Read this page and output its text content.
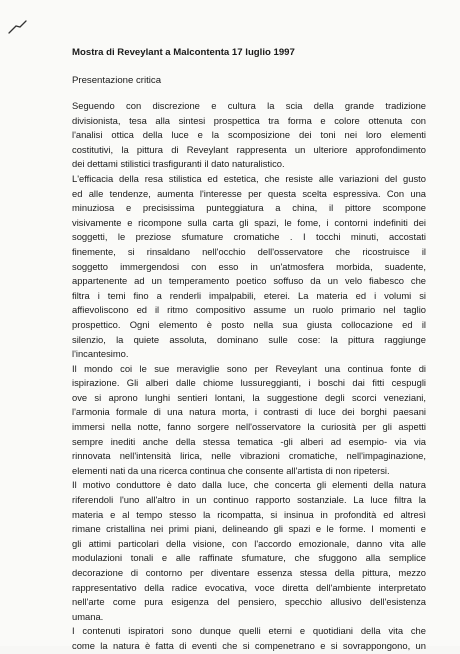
Mostra di Reveylant a Malcontenta 17 luglio 1997
Presentazione critica
Seguendo con discrezione e cultura la scia della grande tradizione
divisionista, tesa alla sintesi prospettica tra forma e colore ottenuta con
l'analisi ottica della luce e la scomposizione dei toni nei loro elementi
costitutivi, la pittura di Reveylant rappresenta un ulteriore approfondimento
dei dettami stilistici trasfiguranti il dato naturalistico.
L'efficacia della resa stilistica ed estetica, che resiste alle variazioni del gusto
ed alle tendenze, aumenta l'interesse per questa scelta espressiva. Con una
minuziosa e precisissima punteggiatura a china, il pittore scompone
visivamente e ricompone sulla carta gli spazi, le fome, i contorni indefiniti dei
soggetti, le preziose sfumature cromatiche . I tocchi minuti, accostati
finemente, si rinsaldano nell'occhio dell'osservatore che ricostruisce il
soggetto immergendosi con esso in un'atmosfera morbida, suadente,
appartenente ad un temperamento poetico soffuso da un velo fiabesco che
filtra i temi fino a renderli impalpabili, eterei. La materia ed i volumi si
affievoliscono ed il ritmo compositivo assume un ruolo primario nel taglio
prospettico. Ogni elemento è posto nella sua giusta collocazione ed il
silenzio, la quiete assoluta, dominano sulle cose: la pittura raggiunge
l'incantesimo.
Il mondo coi le sue meraviglie sono per Reveylant una continua fonte di
ispirazione. Gli alberi dalle chiome lussureggianti, i boschi dai fitti cespugli
ove si aprono lunghi sentieri lontani, la suggestione degli scorci veneziani,
l'armonia formale di una natura morta, i contrasti di luce dei borghi paesani
immersi nella notte, fanno sorgere nell'osservatore la curiosità per gli aspetti
sempre inediti anche della stessa tematica -gli alberi ad esempio- via via
rinnovata nell'intensità lirica, nelle vibrazioni cromatiche, nell'impaginazione,
elementi nati da una ricerca continua che consente all'artista di non ripetersi.
Il motivo conduttore è dato dalla luce, che concerta gli elementi della natura
riferendoli l'uno all'altro in un continuo rapporto sostanziale. La luce filtra la
materia e al tempo stesso la ricompatta, si insinua in profondità ed altresì
rimane cristallina nei primi piani, delineando gli spazi e le forme. I momenti e
gli attimi particolari della visione, con l'accordo emozionale, danno vita alle
modulazioni tonali e alle raffinate sfumature, che sfuggono alla semplice
decorazione di contorno per diventare essenza stessa della pittura, mezzo
rappresentativo della radice evocativa, voce diretta dell'ambiente interpretato
nell'arte come pura esigenza del pensiero, specchio allusivo dell'esistenza
umana.
I contenuti ispiratori sono dunque quelli eterni e quotidiani della vita che
come la natura è fatta di eventi che si compenetrano e si sovrappongono, un
